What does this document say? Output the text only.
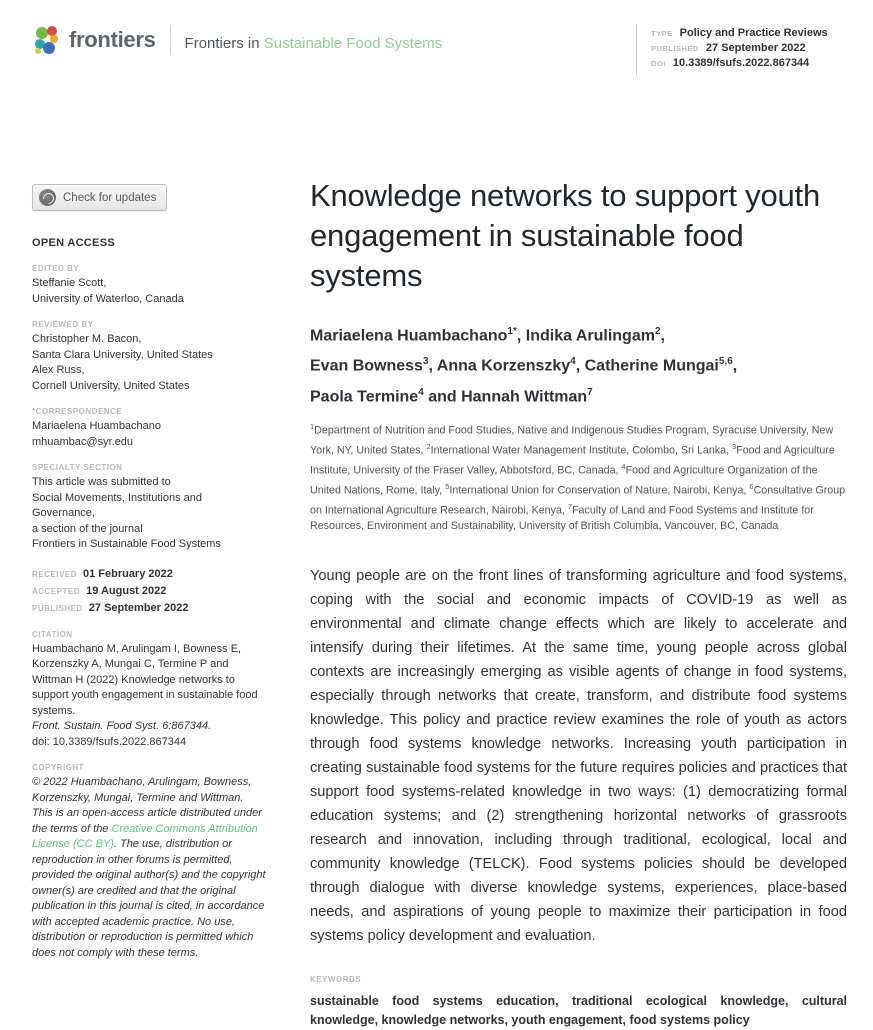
frontiers Frontiers in Sustainable Food Systems
TYPE Policy and Practice Reviews
PUBLISHED 27 September 2022
DOI 10.3389/fsufs.2022.867344
Check for updates
OPEN ACCESS
EDITED BY
Steffanie Scott,
University of Waterloo, Canada
REVIEWED BY
Christopher M. Bacon,
Santa Clara University, United States
Alex Russ,
Cornell University, United States
*CORRESPONDENCE
Mariaelena Huambachano
mhuambac@syr.edu
SPECIALTY SECTION
This article was submitted to
Social Movements, Institutions and
Governance,
a section of the journal
Frontiers in Sustainable Food Systems
RECEIVED 01 February 2022
ACCEPTED 19 August 2022
PUBLISHED 27 September 2022
CITATION
Huambachano M, Arulingam I, Bowness E, Korzenszky A, Mungai C, Termine P and Wittman H (2022) Knowledge networks to support youth engagement in sustainable food systems.
Front. Sustain. Food Syst. 6:867344.
doi: 10.3389/fsufs.2022.867344
COPYRIGHT
© 2022 Huambachano, Arulingam, Bowness, Korzenszky, Mungai, Termine and Wittman. This is an open-access article distributed under the terms of the Creative Commons Attribution License (CC BY). The use, distribution or reproduction in other forums is permitted, provided the original author(s) and the copyright owner(s) are credited and that the original publication in this journal is cited, in accordance with accepted academic practice. No use, distribution or reproduction is permitted which does not comply with these terms.
Knowledge networks to support youth engagement in sustainable food systems
Mariaelena Huambachano$^{1*}$, Indika Arulingam$^2$,
Evan Bowness$^3$, Anna Korzenszky$^4$, Catherine Mungai$^{5,6}$,
Paola Termine$^4$ and Hannah Wittman$^7$
$^1$Department of Nutrition and Food Studies, Native and Indigenous Studies Program, Syracuse University, New York, NY, United States, $^2$International Water Management Institute, Colombo, Sri Lanka, $^3$Food and Agriculture Institute, University of the Fraser Valley, Abbotsford, BC, Canada, $^4$Food and Agriculture Organization of the United Nations, Rome, Italy, $^5$International Union for Conservation of Nature, Nairobi, Kenya, $^6$Consultative Group on International Agriculture Research, Nairobi, Kenya, $^7$Faculty of Land and Food Systems and Institute for Resources, Environment and Sustainability, University of British Columbia, Vancouver, BC, Canada
Young people are on the front lines of transforming agriculture and food systems, coping with the social and economic impacts of COVID-19 as well as environmental and climate change effects which are likely to accelerate and intensify during their lifetimes. At the same time, young people across global contexts are increasingly emerging as visible agents of change in food systems, especially through networks that create, transform, and distribute food systems knowledge. This policy and practice review examines the role of youth as actors through food systems knowledge networks. Increasing youth participation in creating sustainable food systems for the future requires policies and practices that support food systems-related knowledge in two ways: (1) democratizing formal education systems; and (2) strengthening horizontal networks of grassroots research and innovation, including through traditional, ecological, local and community knowledge (TELCK). Food systems policies should be developed through dialogue with diverse knowledge systems, experiences, place-based needs, and aspirations of young people to maximize their participation in food systems policy development and evaluation.
KEYWORDS
sustainable food systems education, traditional ecological knowledge, cultural knowledge, knowledge networks, youth engagement, food systems policy
